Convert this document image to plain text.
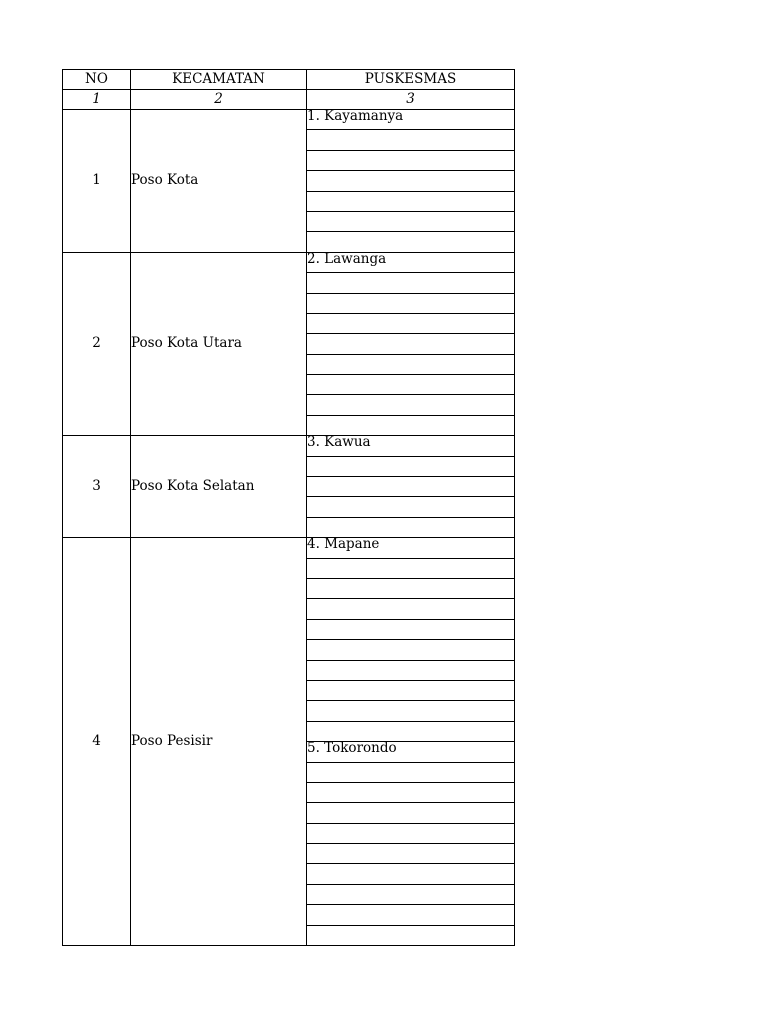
NO	KECAMATAN	PUSKESMAS
1	2	3
1	Poso Kota	1. Kayamanya

2	Poso Kota Utara	2. Lawanga

3	Poso Kota Selatan	3. Kawua

4	Poso Pesisir	4. Mapane

		5. Tokorondo
